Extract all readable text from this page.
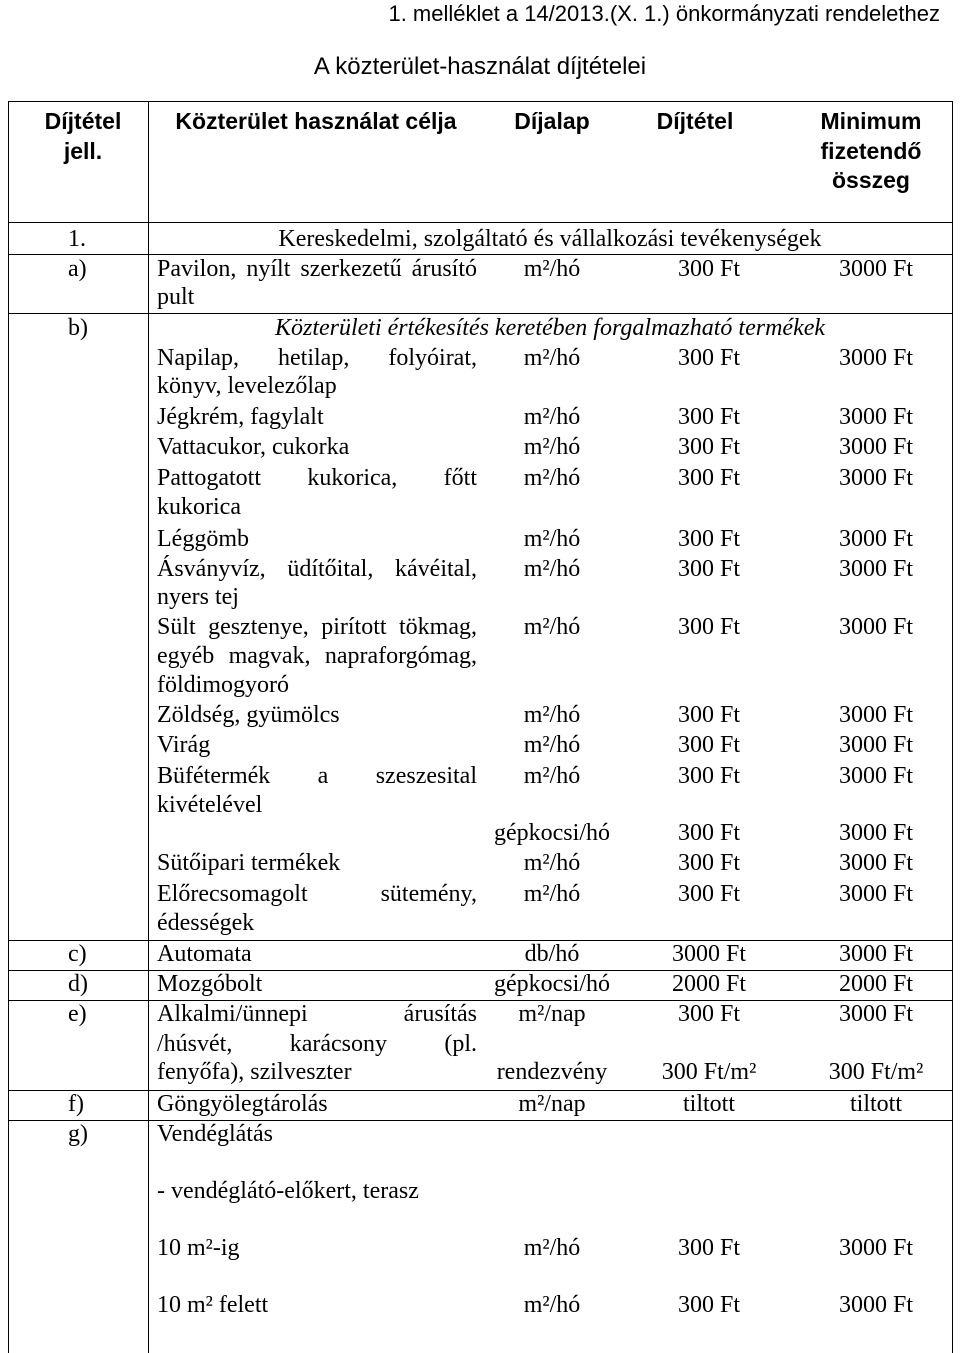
1. melléklet a 14/2013.(X. 1.) önkormányzati rendelethez
A közterület-használat díjtételei
Díjtétel
jell.
Közterület használat célja	Díjalap	Díjtétel	Minimum
fizetendő
összeg
1.	Kereskedelmi, szolgáltató és vállalkozási tevékenységek
a)	Pavilon, nyílt szerkezetű árusító
pult
m²/hó	300 Ft	3000 Ft
b)	Közterületi értékesítés keretében forgalmazható termékek
Napilap, hetilap, folyóirat,
könyv, levelezőlap
m²/hó	300 Ft	3000 Ft
Jégkrém, fagylalt	m²/hó	300 Ft	3000 Ft
Vattacukor, cukorka	m²/hó	300 Ft	3000 Ft
Pattogatott kukorica, főtt
kukorica
m²/hó	300 Ft	3000 Ft
Léggömb	m²/hó	300 Ft	3000 Ft
Ásványvíz, üdítőital, kávéital,
nyers tej
m²/hó	300 Ft	3000 Ft
Sült gesztenye, pirított tökmag,
egyéb magvak, napraforgómag,
földimogyoró
m²/hó	300 Ft	3000 Ft
Zöldség, gyümölcs	m²/hó	300 Ft	3000 Ft
Virág	m²/hó	300 Ft	3000 Ft
Büfétermék a szeszesital
kivételével
m²/hó	300 Ft	3000 Ft
gépkocsi/hó	300 Ft	3000 Ft
Sütőipari termékek	m²/hó	300 Ft	3000 Ft
Előrecsomagolt sütemény,
édességek
m²/hó	300 Ft	3000 Ft
c)	Automata	db/hó	3000 Ft	3000 Ft
d)	Mozgóbolt	gépkocsi/hó	2000 Ft	2000 Ft
e)	Alkalmi/ünnepi árusítás
/húsvét, karácsony (pl.
fenyőfa), szilveszter
m²/nap	300 Ft	3000 Ft
rendezvény	300 Ft/m²	300 Ft/m²
f)	Göngyölegtárolás	m²/nap	tiltott	tiltott
g)	Vendéglátás
- vendéglátó-előkert, terasz
10 m²-ig	m²/hó	300 Ft	3000 Ft
10 m² felett	m²/hó	300 Ft	3000 Ft
